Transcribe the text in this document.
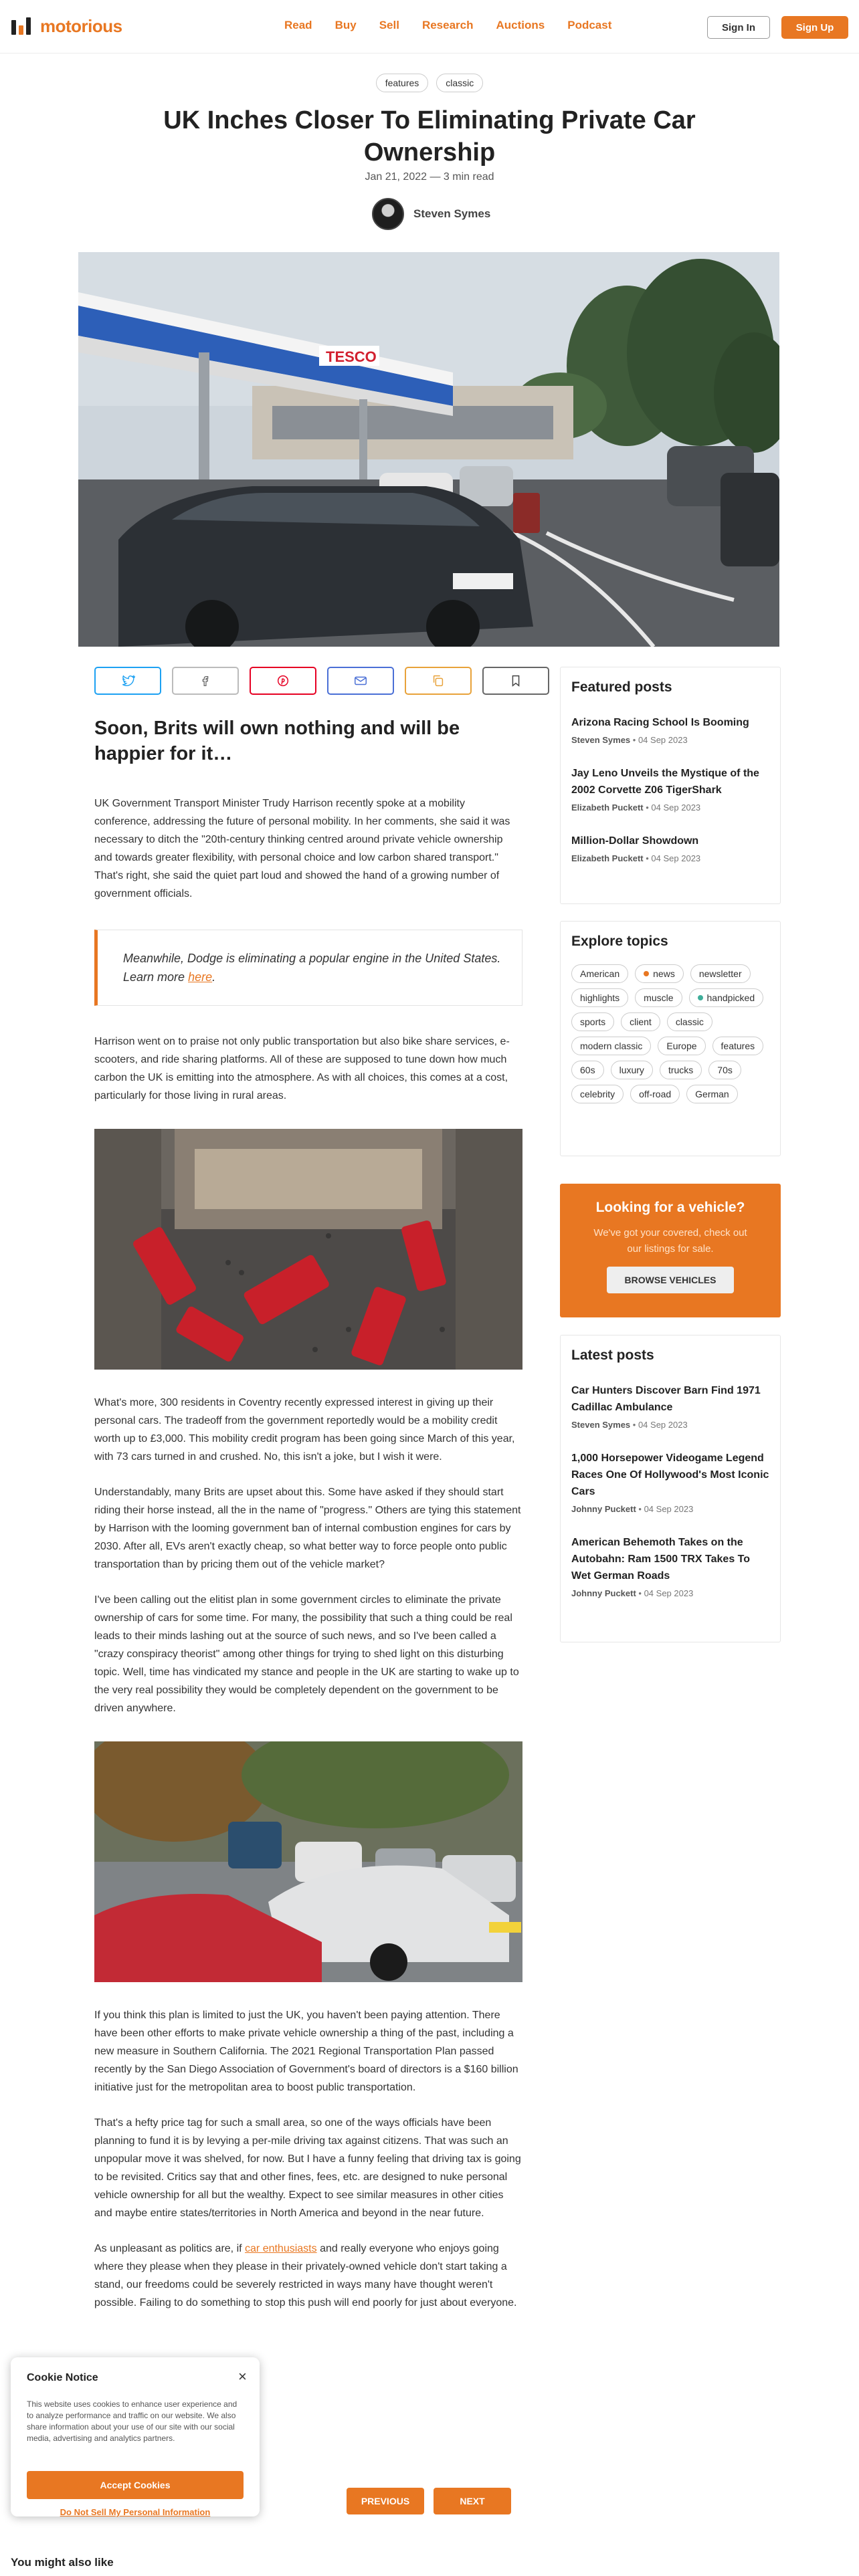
motorious	Read	Buy	Sell	Research	Auctions	Podcast	Sign In	Sign Up
features	classic
UK Inches Closer To Eliminating Private Car Ownership
Jan 21, 2022 — 3 min read
Steven Symes
TESCO
Soon, Brits will own nothing and will be happier for it…

UK Government Transport Minister Trudy Harrison recently spoke at a mobility conference, addressing the future of personal mobility. In her comments, she said it was necessary to ditch the "20th-century thinking centred around private vehicle ownership and towards greater flexibility, with personal choice and low carbon shared transport." That's right, she said the quiet part loud and showed the hand of a growing number of government officials.

Meanwhile, Dodge is eliminating a popular engine in the United States. Learn more here.

Harrison went on to praise not only public transportation but also bike share services, e-scooters, and ride sharing platforms. All of these are supposed to tune down how much carbon the UK is emitting into the atmosphere. As with all choices, this comes at a cost, particularly for those living in rural areas.

What's more, 300 residents in Coventry recently expressed interest in giving up their personal cars. The tradeoff from the government reportedly would be a mobility credit worth up to £3,000. This mobility credit program has been going since March of this year, with 73 cars turned in and crushed. No, this isn't a joke, but I wish it were.

Understandably, many Brits are upset about this. Some have asked if they should start riding their horse instead, all the in the name of "progress." Others are tying this statement by Harrison with the looming government ban of internal combustion engines for cars by 2030. After all, EVs aren't exactly cheap, so what better way to force people onto public transportation than by pricing them out of the vehicle market?

I've been calling out the elitist plan in some government circles to eliminate the private ownership of cars for some time. For many, the possibility that such a thing could be real leads to their minds lashing out at the source of such news, and so I've been called a "crazy conspiracy theorist" among other things for trying to shed light on this disturbing topic. Well, time has vindicated my stance and people in the UK are starting to wake up to the very real possibility they would be completely dependent on the government to be driven anywhere.

If you think this plan is limited to just the UK, you haven't been paying attention. There have been other efforts to make private vehicle ownership a thing of the past, including a new measure in Southern California. The 2021 Regional Transportation Plan passed recently by the San Diego Association of Government's board of directors is a $160 billion initiative just for the metropolitan area to boost public transportation.

That's a hefty price tag for such a small area, so one of the ways officials have been planning to fund it is by levying a per-mile driving tax against citizens. That was such an unpopular move it was shelved, for now. But I have a funny feeling that driving tax is going to be revisited. Critics say that and other fines, fees, etc. are designed to nuke personal vehicle ownership for all but the wealthy. Expect to see similar measures in other cities and maybe entire states/territories in North America and beyond in the near future.

As unpleasant as politics are, if car enthusiasts and really everyone who enjoys going where they please when they please in their privately-owned vehicle don't start taking a stand, our freedoms could be severely restricted in ways many have thought weren't possible. Failing to do something to stop this push will end poorly for just about everyone.

Featured posts
Arizona Racing School Is Booming
Steven Symes • 04 Sep 2023
Jay Leno Unveils the Mystique of the 2002 Corvette Z06 TigerShark
Elizabeth Puckett • 04 Sep 2023
Million-Dollar Showdown
Elizabeth Puckett • 04 Sep 2023
Explore topics
American	news	newsletter
highlights	muscle	handpicked
sports	client	classic
modern classic	Europe	features
60s	luxury	trucks	70s
celebrity	off-road	German
Looking for a vehicle?

We've got your covered, check out our listings for sale.

BROWSE VEHICLES
Latest posts
Car Hunters Discover Barn Find 1971 Cadillac Ambulance
Steven Symes • 04 Sep 2023
1,000 Horsepower Videogame Legend Races One Of Hollywood's Most Iconic Cars
Johnny Puckett • 04 Sep 2023
American Behemoth Takes on the Autobahn: Ram 1500 TRX Takes To Wet German Roads
Johnny Puckett • 04 Sep 2023
PREVIOUS	NEXT
You might also like
Cookie Notice	×

This website uses cookies to enhance user experience and to analyze performance and traffic on our website. We also share information about your use of our site with our social media, advertising and analytics partners.

Accept Cookies
Do Not Sell My Personal Information
